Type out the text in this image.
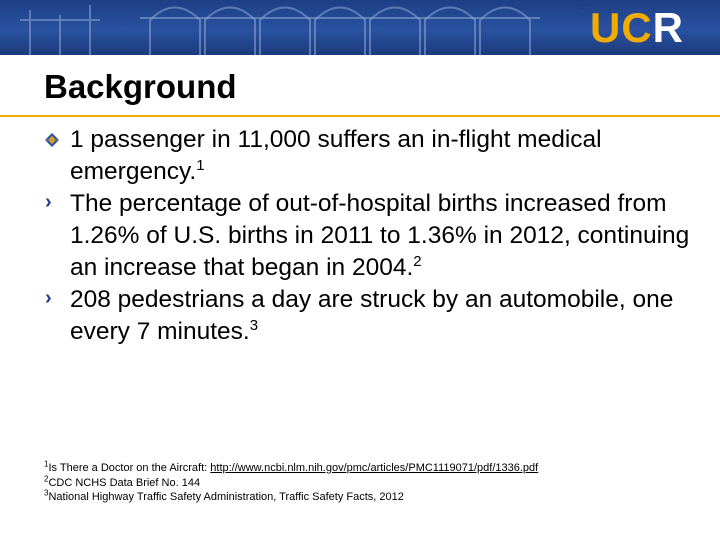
UCR
Background
1 passenger in 11,000 suffers an in-flight medical emergency.$^1$
› The percentage of out-of-hospital births increased from 1.26% of U.S. births in 2011 to 1.36% in 2012, continuing an increase that began in 2004.$^2$
› 208 pedestrians a day are struck by an automobile, one every 7 minutes.$^3$
$^1$Is There a Doctor on the Aircraft: http://www.ncbi.nlm.nih.gov/pmc/articles/PMC1119071/pdf/1336.pdf
$^2$CDC NCHS Data Brief No. 144
$^3$National Highway Traffic Safety Administration, Traffic Safety Facts, 2012
